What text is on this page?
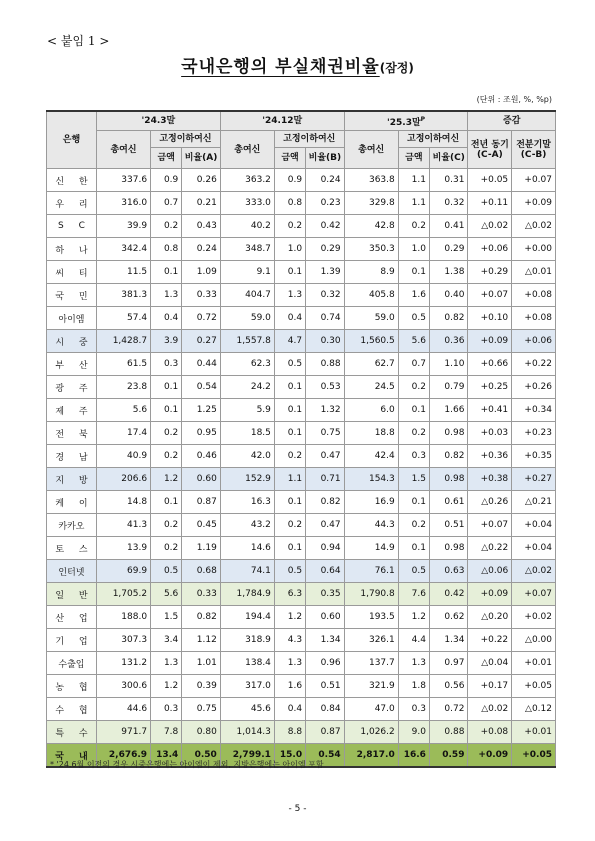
< 붙임 1 >
국내은행의 부실채권비율(잠정)
(단위 : 조원, %, %p)
은행	'24.3말			'24.12말			'25.3말$^P$			증감	
	총여신	고정이하여신		총여신	고정이하여신		총여신	고정이하여신		전년 동기 (C-A)	전분기말 (C-B)
		금액	비율(A)		금액	비율(B)		금액	비율(C)		
신 한	337.6	0.9	0.26	363.2	0.9	0.24	363.8	1.1	0.31	+0.05	+0.07
우 리	316.0	0.7	0.21	333.0	0.8	0.23	329.8	1.1	0.32	+0.11	+0.09
S C	39.9	0.2	0.43	40.2	0.2	0.42	42.8	0.2	0.41	△0.02	△0.02
하 나	342.4	0.8	0.24	348.7	1.0	0.29	350.3	1.0	0.29	+0.06	+0.00
씨 티	11.5	0.1	1.09	9.1	0.1	1.39	8.9	0.1	1.38	+0.29	△0.01
국 민	381.3	1.3	0.33	404.7	1.3	0.32	405.8	1.6	0.40	+0.07	+0.08
아이엠	57.4	0.4	0.72	59.0	0.4	0.74	59.0	0.5	0.82	+0.10	+0.08
시 중	1,428.7	3.9	0.27	1,557.8	4.7	0.30	1,560.5	5.6	0.36	+0.09	+0.06
부 산	61.5	0.3	0.44	62.3	0.5	0.88	62.7	0.7	1.10	+0.66	+0.22
광 주	23.8	0.1	0.54	24.2	0.1	0.53	24.5	0.2	0.79	+0.25	+0.26
제 주	5.6	0.1	1.25	5.9	0.1	1.32	6.0	0.1	1.66	+0.41	+0.34
전 북	17.4	0.2	0.95	18.5	0.1	0.75	18.8	0.2	0.98	+0.03	+0.23
경 남	40.9	0.2	0.46	42.0	0.2	0.47	42.4	0.3	0.82	+0.36	+0.35
지 방	206.6	1.2	0.60	152.9	1.1	0.71	154.3	1.5	0.98	+0.38	+0.27
케 이	14.8	0.1	0.87	16.3	0.1	0.82	16.9	0.1	0.61	△0.26	△0.21
카카오	41.3	0.2	0.45	43.2	0.2	0.47	44.3	0.2	0.51	+0.07	+0.04
토 스	13.9	0.2	1.19	14.6	0.1	0.94	14.9	0.1	0.98	△0.22	+0.04
인터넷	69.9	0.5	0.68	74.1	0.5	0.64	76.1	0.5	0.63	△0.06	△0.02
일 반	1,705.2	5.6	0.33	1,784.9	6.3	0.35	1,790.8	7.6	0.42	+0.09	+0.07
산 업	188.0	1.5	0.82	194.4	1.2	0.60	193.5	1.2	0.62	△0.20	+0.02
기 업	307.3	3.4	1.12	318.9	4.3	1.34	326.1	4.4	1.34	+0.22	△0.00
수출입	131.2	1.3	1.01	138.4	1.3	0.96	137.7	1.3	0.97	△0.04	+0.01
농 협	300.6	1.2	0.39	317.0	1.6	0.51	321.9	1.8	0.56	+0.17	+0.05
수 협	44.6	0.3	0.75	45.6	0.4	0.84	47.0	0.3	0.72	△0.02	△0.12
특 수	971.7	7.8	0.80	1,014.3	8.8	0.87	1,026.2	9.0	0.88	+0.08	+0.01
국 내	2,676.9	13.4	0.50	2,799.1	15.0	0.54	2,817.0	16.6	0.59	+0.09	+0.05
* '24.6월 이전의 경우 시중은행에는 아이엠이 제외, 지방은행에는 아이엠 포함
- 5 -
